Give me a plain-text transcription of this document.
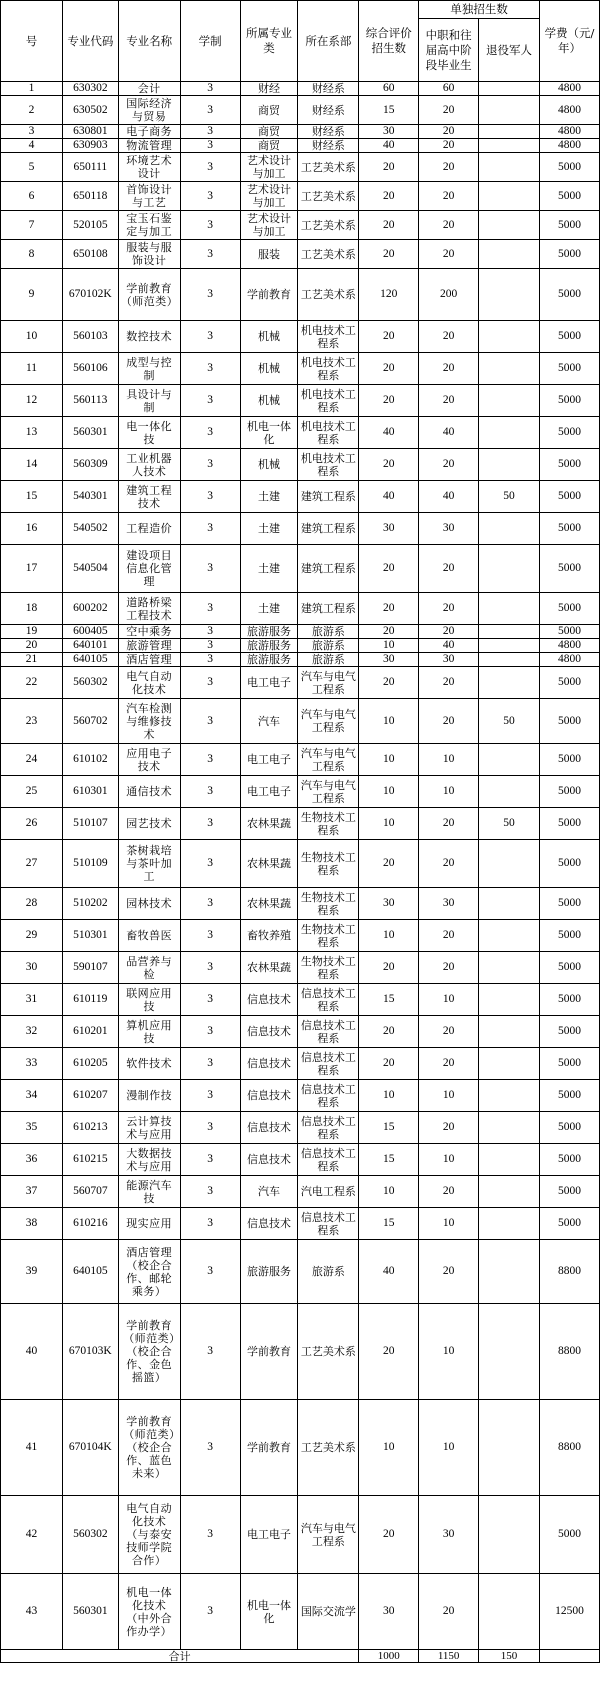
号	专业代码	专业名称	学制	所属专业类	所在系部	综合评价招生数	单独招生数		学费（元/年）
							中职和往届高中阶段毕业生	退役军人	
1	630302	会计	3	财经	财经系	60	60		4800
2	630502	国际经济与贸易	3	商贸	财经系	15	20		4800
3	630801	电子商务	3	商贸	财经系	30	20		4800
4	630903	物流管理	3	商贸	财经系	40	20		4800
5	650111	环境艺术设计	3	艺术设计与加工	工艺美术系	20	20		5000
6	650118	首饰设计与工艺	3	艺术设计与加工	工艺美术系	20	20		5000
7	520105	宝玉石鉴定与加工	3	艺术设计与加工	工艺美术系	20	20		5000
8	650108	服装与服饰设计	3	服装	工艺美术系	20	20		5000
9	670102K	学前教育（师范类）	3	学前教育	工艺美术系	120	200		5000
10	560103	数控技术	3	机械	机电技术工程系	20	20		5000
11	560106	成型与控制	3	机械	机电技术工程系	20	20		5000
12	560113	具设计与制	3	机械	机电技术工程系	20	20		5000
13	560301	电一体化技	3	机电一体化	机电技术工程系	40	40		5000
14	560309	工业机器人技术	3	机械	机电技术工程系	20	20		5000
15	540301	建筑工程技术	3	土建	建筑工程系	40	40	50	5000
16	540502	工程造价	3	土建	建筑工程系	30	30		5000
17	540504	建设项目信息化管理	3	土建	建筑工程系	20	20		5000
18	600202	道路桥梁工程技术	3	土建	建筑工程系	20	20		5000
19	600405	空中乘务	3	旅游服务	旅游系	20	20		5000
20	640101	旅游管理	3	旅游服务	旅游系	10	40		4800
21	640105	酒店管理	3	旅游服务	旅游系	30	30		4800
22	560302	电气自动化技术	3	电工电子	汽车与电气工程系	20	20		5000
23	560702	汽车检测与维修技术	3	汽车	汽车与电气工程系	10	20	50	5000
24	610102	应用电子技术	3	电工电子	汽车与电气工程系	10	10		5000
25	610301	通信技术	3	电工电子	汽车与电气工程系	10	10		5000
26	510107	园艺技术	3	农林果蔬	生物技术工程系	10	20	50	5000
27	510109	茶树栽培与茶叶加工	3	农林果蔬	生物技术工程系	20	20		5000
28	510202	园林技术	3	农林果蔬	生物技术工程系	30	30		5000
29	510301	畜牧兽医	3	畜牧养殖	生物技术工程系	10	20		5000
30	590107	品营养与检	3	农林果蔬	生物技术工程系	20	20		5000
31	610119	联网应用技	3	信息技术	信息技术工程系	15	10		5000
32	610201	算机应用技	3	信息技术	信息技术工程系	20	20		5000
33	610205	软件技术	3	信息技术	信息技术工程系	20	20		5000
34	610207	漫制作技	3	信息技术	信息技术工程系	10	10		5000
35	610213	云计算技术与应用	3	信息技术	信息技术工程系	15	20		5000
36	610215	大数据技术与应用	3	信息技术	信息技术工程系	15	10		5000
37	560707	能源汽车技	3	汽车	汽电工程系	10	20		5000
38	610216	现实应用	3	信息技术	信息技术工程系	15	10		5000
39	640105	酒店管理（校企合作、邮轮乘务）	3	旅游服务	旅游系	40	20		8800
40	670103K	学前教育（师范类）（校企合作、金色摇篮）	3	学前教育	工艺美术系	20	10		8800
41	670104K	学前教育（师范类）（校企合作、蓝色未来）	3	学前教育	工艺美术系	10	10		8800
42	560302	电气自动化技术（与泰安技师学院合作）	3	电工电子	汽车与电气工程系	20	30		5000
43	560301	机电一体化技术（中外合作办学）	3	机电一体化	国际交流学	30	20		12500
合计						1000	1150	150	
